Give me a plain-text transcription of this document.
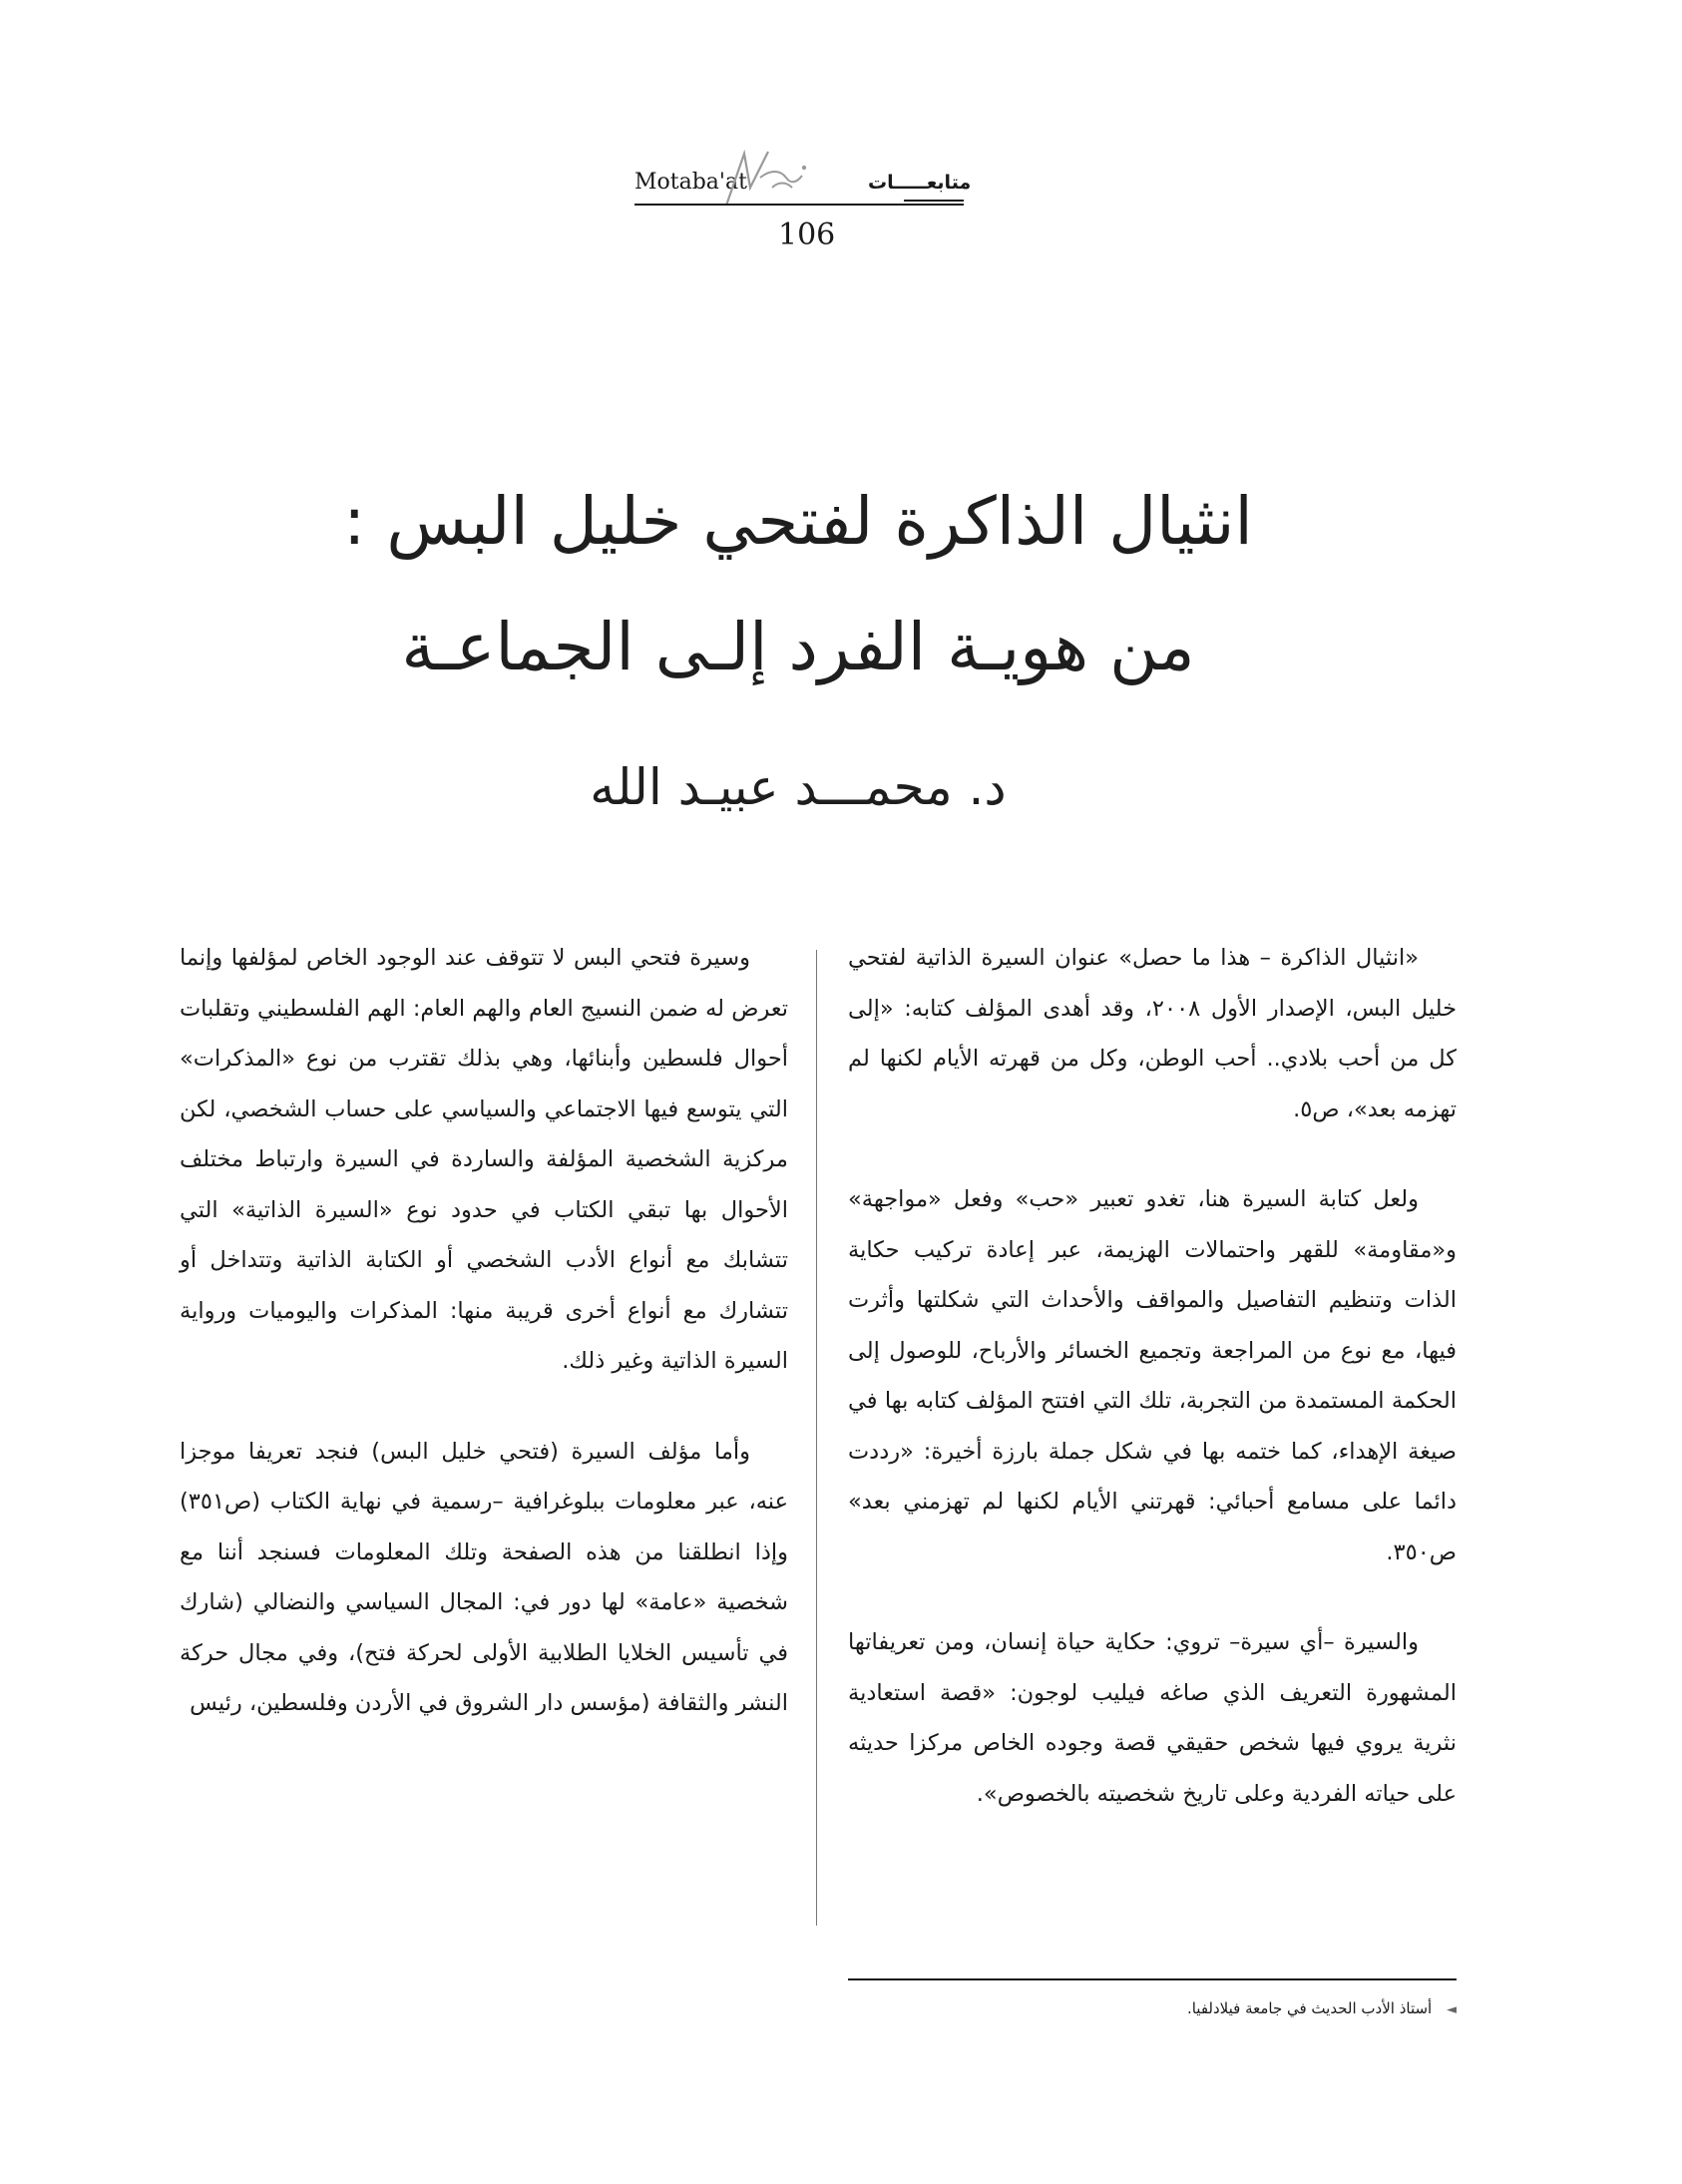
Motaba'at	متابعـــــات
106
انثيال الذاكرة لفتحي خليل البس :
من هويـة الفرد إلـى الجماعـة
د. محمـــد عبيـد الله

«انثيال الذاكرة – هذا ما حصل» عنوان السيرة الذاتية لفتحي خليل البس، الإصدار الأول ٢٠٠٨، وقد أهدى المؤلف كتابه: «إلى كل من أحب بلادي.. أحب الوطن، وكل من قهرته الأيام لكنها لم تهزمه بعد»، ص٥.

ولعل كتابة السيرة هنا، تغدو تعبير «حب» وفعل «مواجهة» و«مقاومة» للقهر واحتمالات الهزيمة، عبر إعادة تركيب حكاية الذات وتنظيم التفاصيل والمواقف والأحداث التي شكلتها وأثرت فيها، مع نوع من المراجعة وتجميع الخسائر والأرباح، للوصول إلى الحكمة المستمدة من التجربة، تلك التي افتتح المؤلف كتابه بها في صيغة الإهداء، كما ختمه بها في شكل جملة بارزة أخيرة: «رددت دائما على مسامع أحبائي: قهرتني الأيام لكنها لم تهزمني بعد» ص٣٥٠.

والسيرة –أي سيرة– تروي: حكاية حياة إنسان، ومن تعريفاتها المشهورة التعريف الذي صاغه فيليب لوجون: «قصة استعادية نثرية يروي فيها شخص حقيقي قصة وجوده الخاص مركزا حديثه على حياته الفردية وعلى تاريخ شخصيته بالخصوص».

وسيرة فتحي البس لا تتوقف عند الوجود الخاص لمؤلفها وإنما تعرض له ضمن النسيج العام والهم العام: الهم الفلسطيني وتقلبات أحوال فلسطين وأبنائها، وهي بذلك تقترب من نوع «المذكرات» التي يتوسع فيها الاجتماعي والسياسي على حساب الشخصي، لكن مركزية الشخصية المؤلفة والساردة في السيرة وارتباط مختلف الأحوال بها تبقي الكتاب في حدود نوع «السيرة الذاتية» التي تتشابك مع أنواع الأدب الشخصي أو الكتابة الذاتية وتتداخل أو تتشارك مع أنواع أخرى قريبة منها: المذكرات واليوميات ورواية السيرة الذاتية وغير ذلك.

وأما مؤلف السيرة (فتحي خليل البس) فنجد تعريفا موجزا عنه، عبر معلومات ببلوغرافية –رسمية في نهاية الكتاب (ص٣٥١) وإذا انطلقنا من هذه الصفحة وتلك المعلومات فسنجد أننا مع شخصية «عامة» لها دور في: المجال السياسي والنضالي (شارك في تأسيس الخلايا الطلابية الأولى لحركة فتح)، وفي مجال حركة النشر والثقافة (مؤسس دار الشروق في الأردن وفلسطين، رئيس

◄ أستاذ الأدب الحديث في جامعة فيلادلفيا.
